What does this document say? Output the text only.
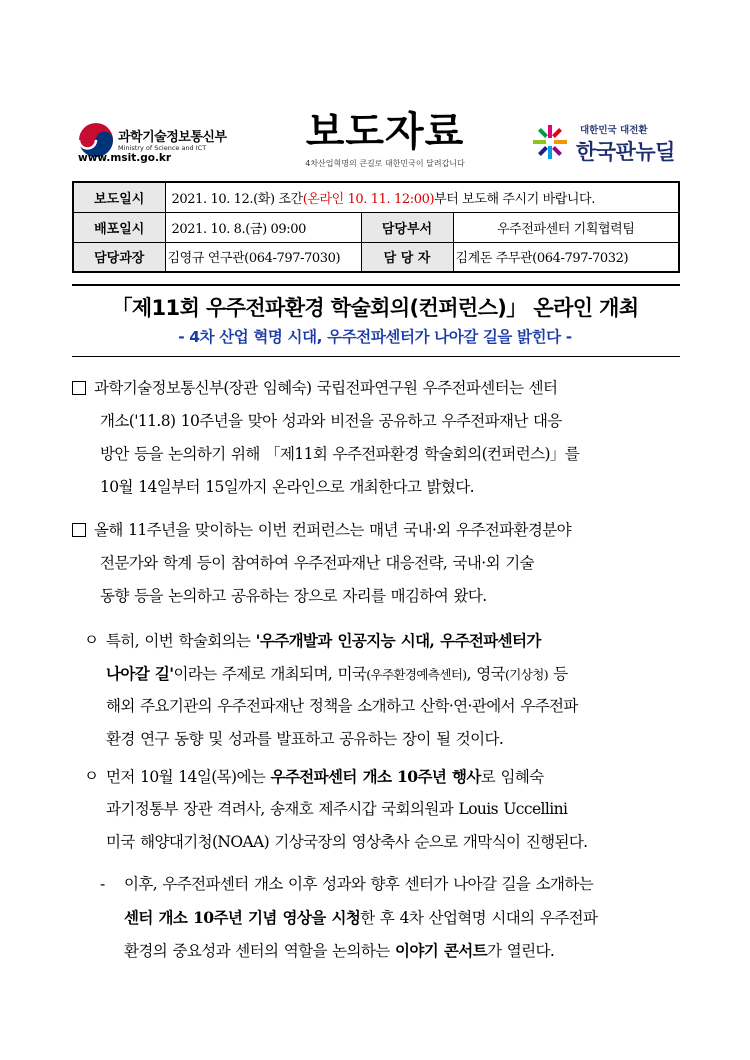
과학기술정보통신부
Ministry of Science and ICT
www.msit.go.kr
보도자료
4차산업혁명의 큰길로 대한민국이 달려갑니다
대한민국 대전환
한국판뉴딜
보도일시	2021. 10. 12.(화) 조간(온라인 10. 11. 12:00)부터 보도해 주시기 바랍니다.		
배포일시	2021. 10. 8.(금) 09:00	담당부서	우주전파센터 기획협력팀
담당과장	김영규 연구관(064-797-7030)	담 당 자	김계돈 주무관(064-797-7032)
「제11회 우주전파환경 학술회의(컨퍼런스)」 온라인 개최
- 4차 산업 혁명 시대, 우주전파센터가 나아갈 길을 밝힌다 -
과학기술정보통신부(장관 임혜숙) 국립전파연구원 우주전파센터는 센터
개소('11.8) 10주년을 맞아 성과와 비전을 공유하고 우주전파재난 대응
방안 등을 논의하기 위해 「제11회 우주전파환경 학술회의(컨퍼런스)」를
10월 14일부터 15일까지 온라인으로 개최한다고 밝혔다.
올해 11주년을 맞이하는 이번 컨퍼런스는 매년 국내·외 우주전파환경분야
전문가와 학계 등이 참여하여 우주전파재난 대응전략, 국내·외 기술
동향 등을 논의하고 공유하는 장으로 자리를 매김하여 왔다.
ㅇ 특히, 이번 학술회의는 '우주개발과 인공지능 시대, 우주전파센터가
나아갈 길'이라는 주제로 개최되며, 미국(우주환경예측센터), 영국(기상청) 등
해외 주요기관의 우주전파재난 정책을 소개하고 산학·연·관에서 우주전파
환경 연구 동향 및 성과를 발표하고 공유하는 장이 될 것이다.
ㅇ 먼저 10월 14일(목)에는 우주전파센터 개소 10주년 행사로 임혜숙
과기정통부 장관 격려사, 송재호 제주시갑 국회의원과 Louis Uccellini
미국 해양대기청(NOAA) 기상국장의 영상축사 순으로 개막식이 진행된다.
-	이후, 우주전파센터 개소 이후 성과와 향후 센터가 나아갈 길을 소개하는
센터 개소 10주년 기념 영상을 시청한 후 4차 산업혁명 시대의 우주전파
환경의 중요성과 센터의 역할을 논의하는 이야기 콘서트가 열린다.
